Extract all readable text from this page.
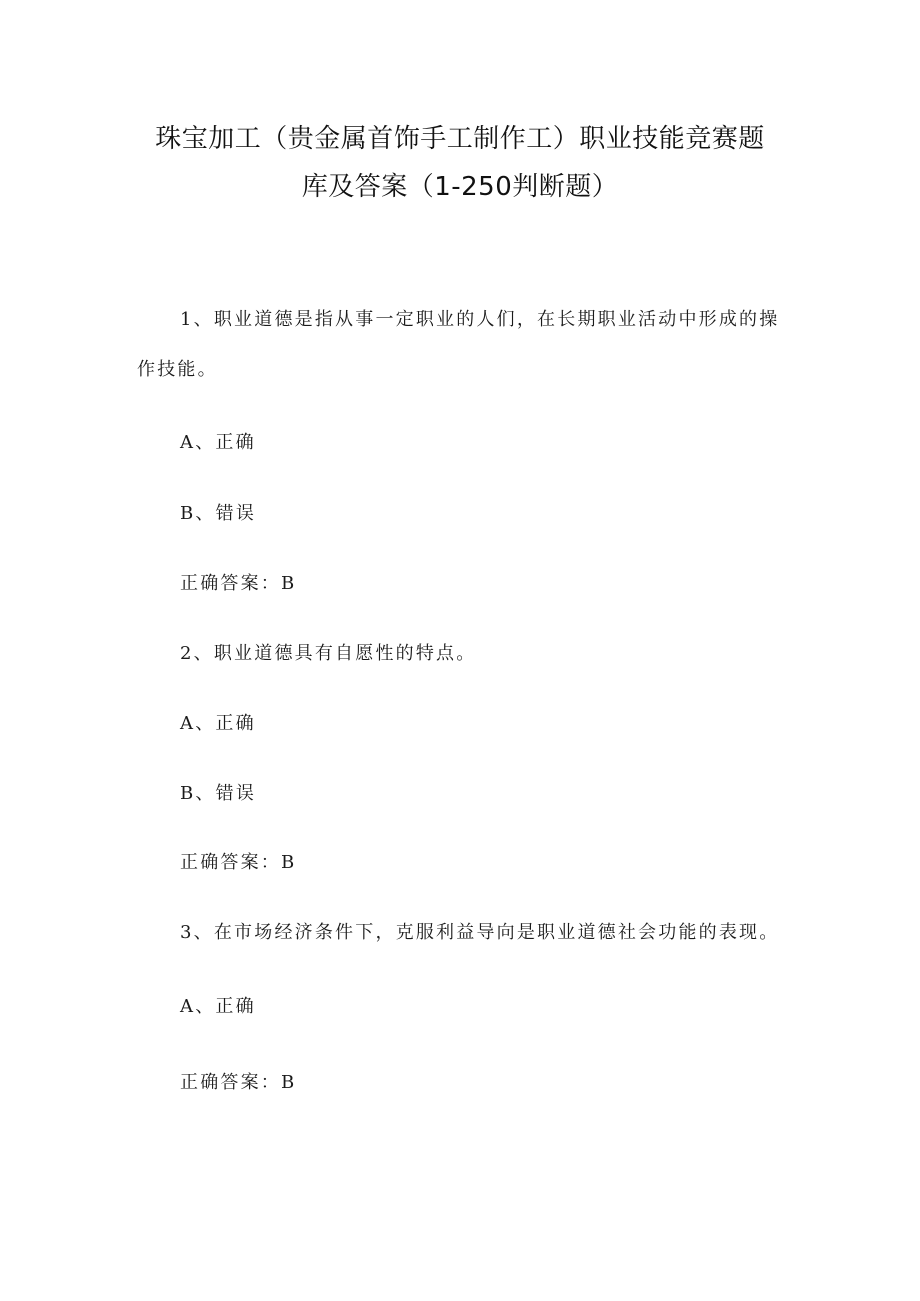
珠宝加工（贵金属首饰手工制作工）职业技能竞赛题
库及答案（1-250判断题）
1、职业道德是指从事一定职业的人们，在长期职业活动中形成的操
作技能。
A、正确
B、错误
正确答案：B
2、职业道德具有自愿性的特点。
A、正确
B、错误
正确答案：B
3、在市场经济条件下，克服利益导向是职业道德社会功能的表现。
A、正确
正确答案：B
